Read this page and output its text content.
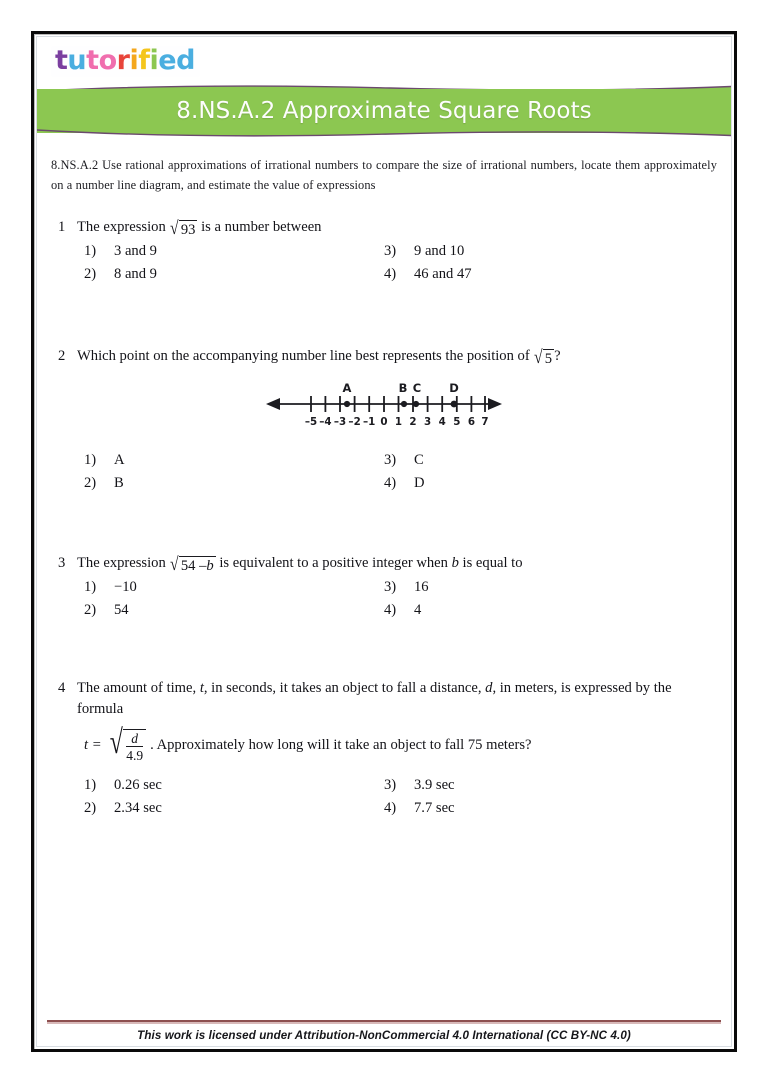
tutorified
8.NS.A.2 Approximate Square Roots
8.NS.A.2 Use rational approximations of irrational numbers to compare the size of irrational numbers, locate them approximately on a number line diagram, and estimate the value of expressions
1 The expression √ 93 is a number between
1)	3 and 9	3)	9 and 10
2)	8 and 9	4)	46 and 47
2 Which point on the accompanying number line best represents the position of √ 5 ?
A	B C D
–5 –4 –3 –2 –1 0 1 2 3 4 5 6 7
1)	A	3)	C
2)	B	4)	D
3 The expression √ 54 –b is equivalent to a positive integer when b is equal to
1)	−10	3)	16
2)	54	4)	4
4 The amount of time, t, in seconds, it takes an object to fall a distance, d, in meters, is expressed by the formula
t = √ $\frac{d}{4.9}$ . Approximately how long will it take an object to fall 75 meters?
1)	0.26 sec	3)	3.9 sec
2)	2.34 sec	4)	7.7 sec
This work is licensed under Attribution-NonCommercial 4.0 International (CC BY-NC 4.0)
